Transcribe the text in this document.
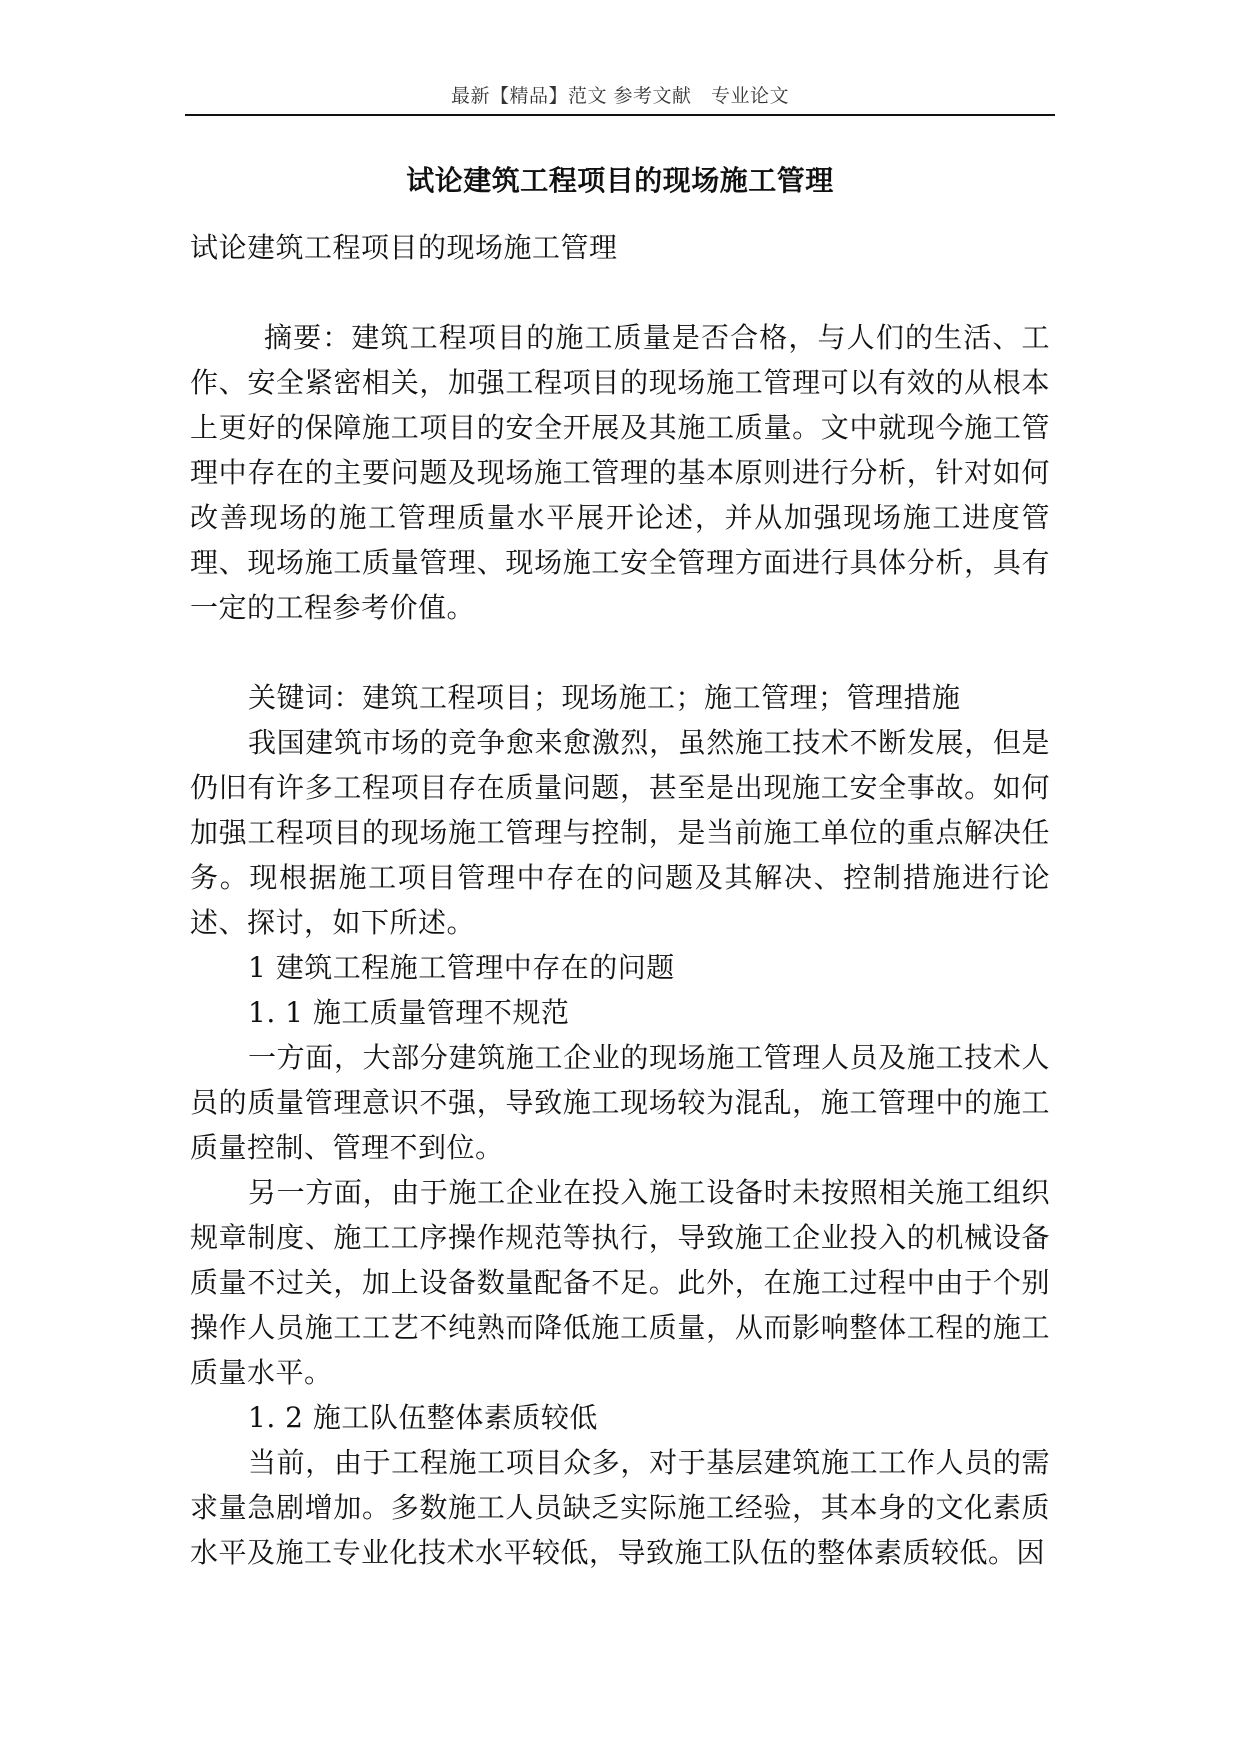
最新【精品】范文 参考文献　专业论文
试论建筑工程项目的现场施工管理

试论建筑工程项目的现场施工管理

摘要：建筑工程项目的施工质量是否合格，与人们的生活、工作、安全紧密相关，加强工程项目的现场施工管理可以有效的从根本上更好的保障施工项目的安全开展及其施工质量。文中就现今施工管理中存在的主要问题及现场施工管理的基本原则进行分析，针对如何改善现场的施工管理质量水平展开论述，并从加强现场施工进度管理、现场施工质量管理、现场施工安全管理方面进行具体分析，具有一定的工程参考价值。

关键词：建筑工程项目；现场施工；施工管理；管理措施

我国建筑市场的竞争愈来愈激烈，虽然施工技术不断发展，但是仍旧有许多工程项目存在质量问题，甚至是出现施工安全事故。如何加强工程项目的现场施工管理与控制，是当前施工单位的重点解决任务。现根据施工项目管理中存在的问题及其解决、控制措施进行论述、探讨，如下所述。

1 建筑工程施工管理中存在的问题

1. 1 施工质量管理不规范

一方面，大部分建筑施工企业的现场施工管理人员及施工技术人员的质量管理意识不强，导致施工现场较为混乱，施工管理中的施工质量控制、管理不到位。

另一方面，由于施工企业在投入施工设备时未按照相关施工组织规章制度、施工工序操作规范等执行，导致施工企业投入的机械设备质量不过关，加上设备数量配备不足。此外，在施工过程中由于个别操作人员施工工艺不纯熟而降低施工质量，从而影响整体工程的施工质量水平。

1. 2 施工队伍整体素质较低

当前，由于工程施工项目众多，对于基层建筑施工工作人员的需求量急剧增加。多数施工人员缺乏实际施工经验，其本身的文化素质水平及施工专业化技术水平较低，导致施工队伍的整体素质较低。因
